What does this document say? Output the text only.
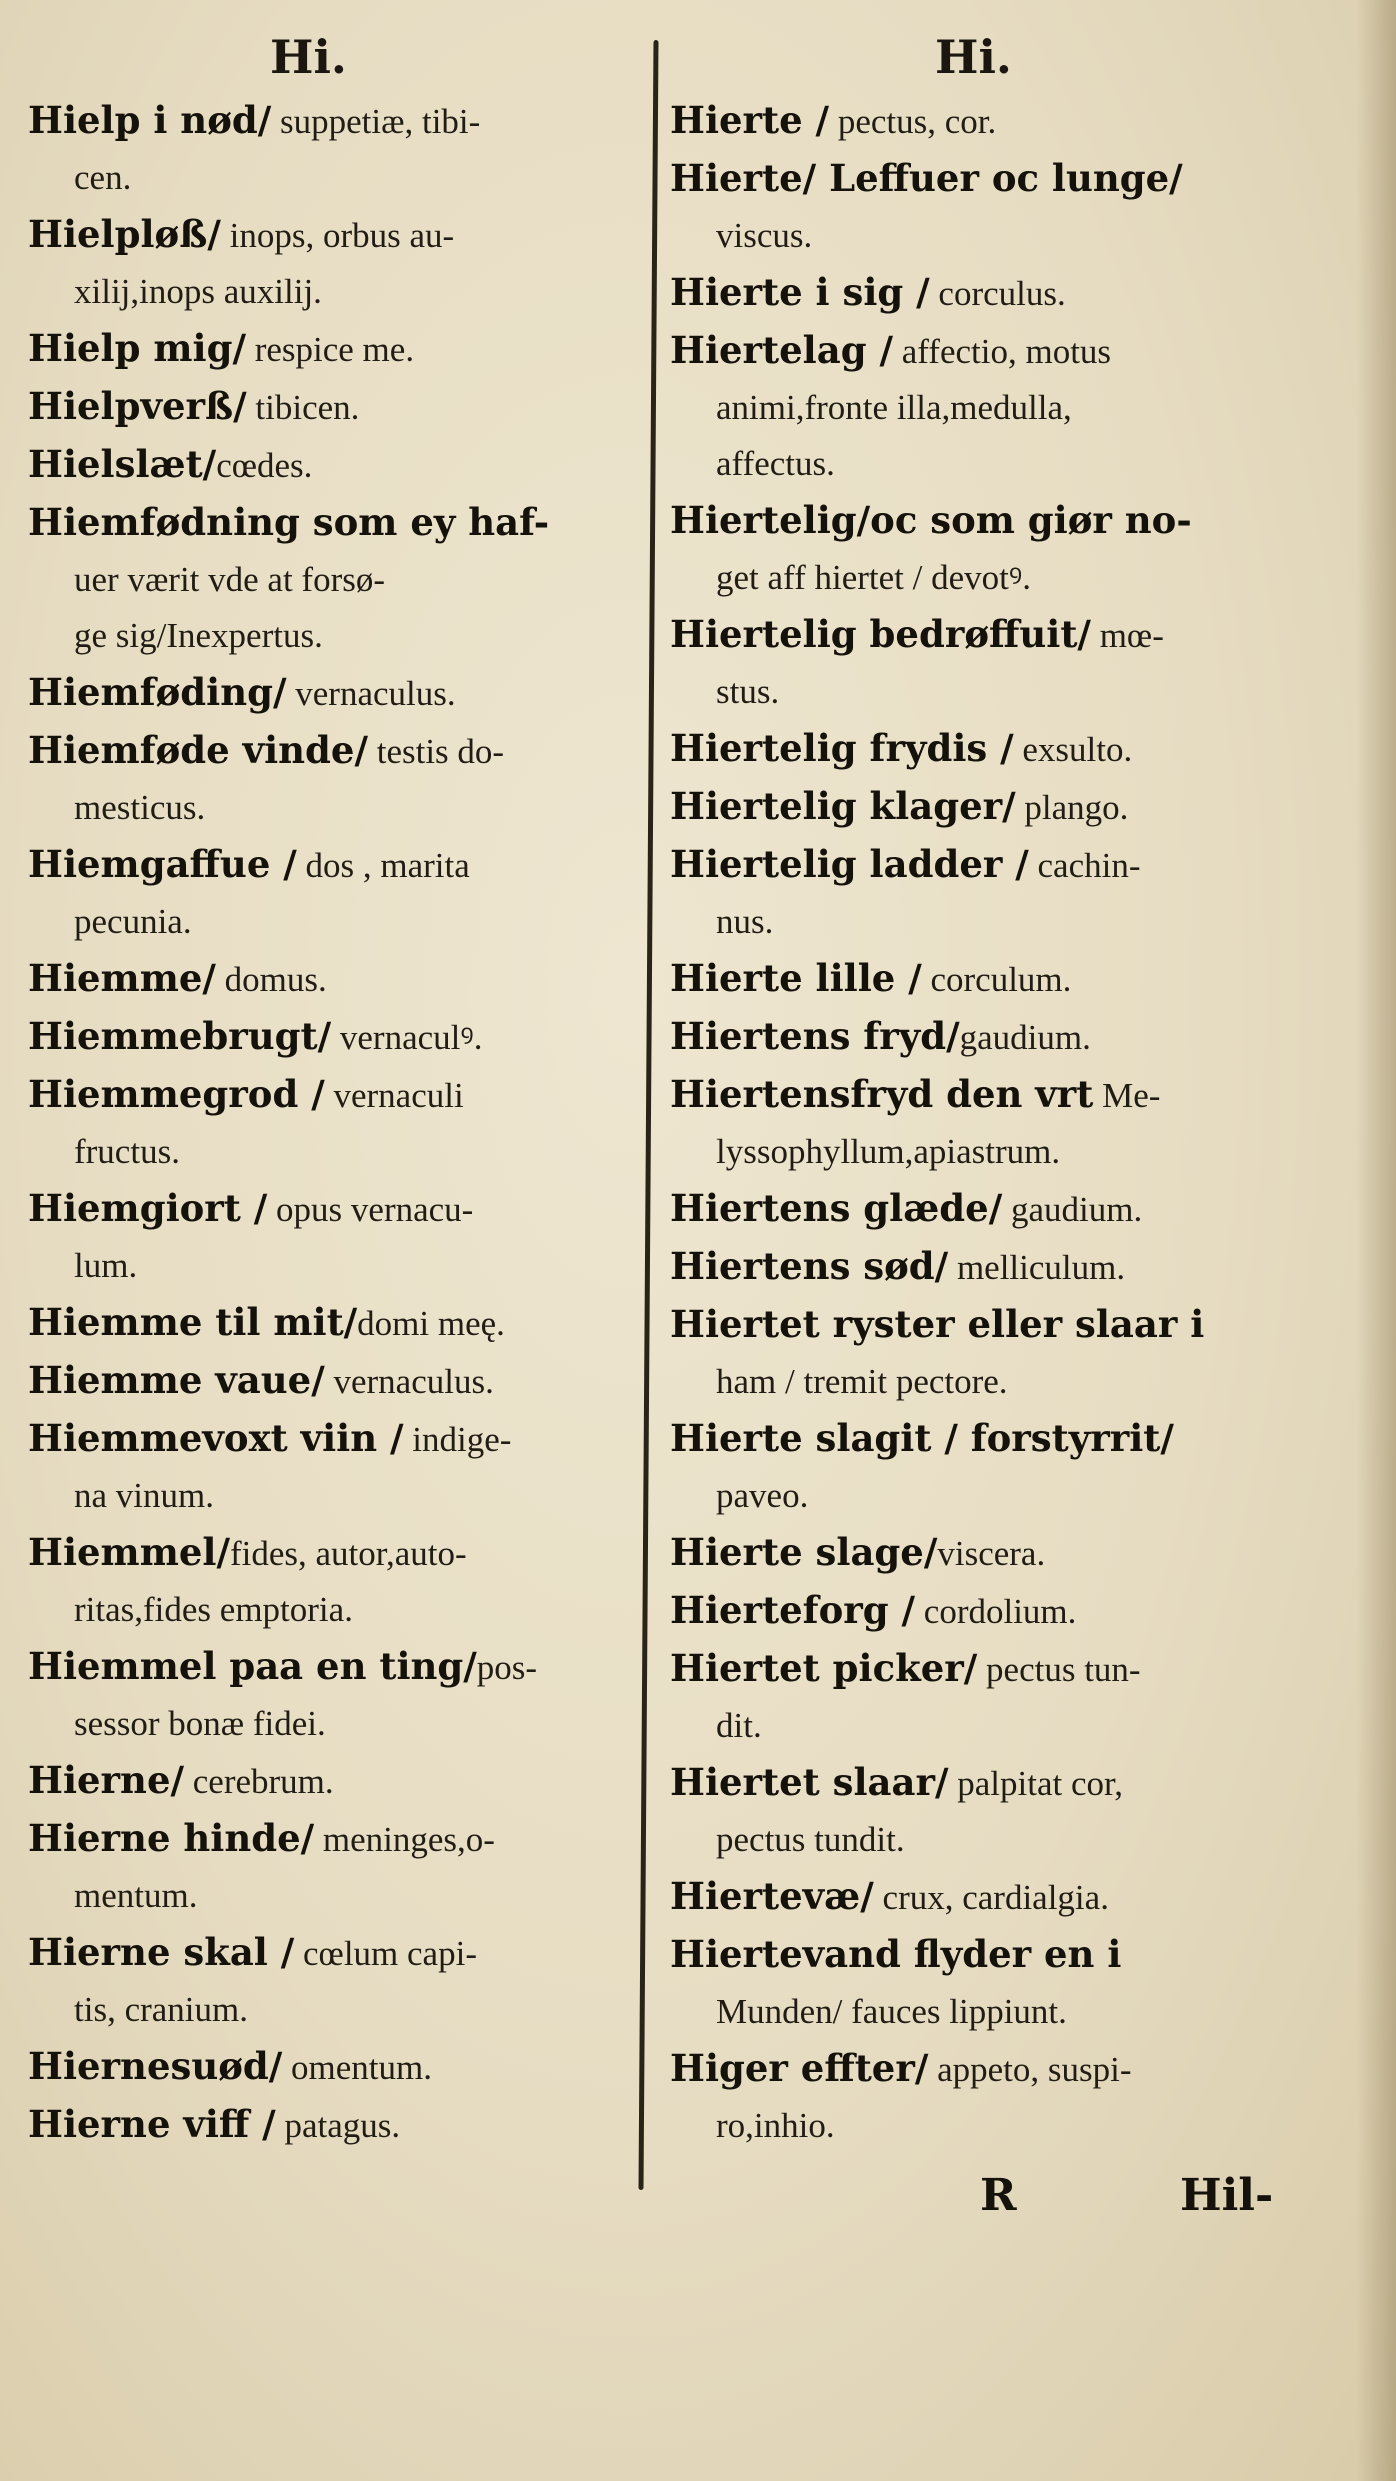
Hi.	Hi.

Hielp i nød/ suppetiæ, tibi-
cen.

Hielpløß/ inops, orbus au-
xilij,inops auxilij.

Hielp mig/ respice me.

Hielpverß/ tibicen.

Hielslæt/cœdes.

Hiemfødning som ey haf-
uer værit vde at forsø-

ge sig/Inexpertus.

Hiemføding/ vernaculus.

Hiemføde vinde/ testis do-
mesticus.

Hiemgaffue / dos , marita
pecunia.

Hiemme/ domus.

Hiemmebrugt/ vernaculꝰ.

Hiemmegrod / vernaculi
fructus.

Hiemgiort / opus vernacu-
lum.

Hiemme til mit/domi meę.

Hiemme vaue/ vernaculus.

Hiemmevoxt viin / indige-
na vinum.

Hiemmel/fides, autor,auto-
ritas,fides emptoria.

Hiemmel paa en ting/pos-
sessor bonæ fidei.

Hierne/ cerebrum.

Hierne hinde/ meninges,o-
mentum.

Hierne skal / cœlum capi-
tis, cranium.

Hiernesuød/ omentum.

Hierne viff / patagus.

Hierte / pectus, cor.

Hierte/ Leffuer oc lunge/
viscus.

Hierte i sig / corculus.

Hiertelag / affectio, motus
animi,fronte illa,medulla,

affectus.

Hiertelig/oc som giør no-
get aff hiertet / devotꝰ.

Hiertelig bedrøffuit/ mœ-
stus.

Hiertelig frydis / exsulto.

Hiertelig klager/ plango.

Hiertelig ladder / cachin-
nus.

Hierte lille / corculum.

Hiertens fryd/gaudium.

Hiertensfryd den vrt Me-
lyssophyllum,apiastrum.

Hiertens glæde/ gaudium.

Hiertens sød/ melliculum.

Hiertet ryster eller slaar i
ham / tremit pectore.

Hierte slagit / forstyrrit/
paveo.

Hierte slage/viscera.

Hierteforg / cordolium.

Hiertet picker/ pectus tun-
dit.

Hiertet slaar/ palpitat cor,
pectus tundit.

Hiertevæ/ crux, cardialgia.

Hiertevand flyder en i
Munden/ fauces lippiunt.

Higer effter/ appeto, suspi-
ro,inhio.

R	Hil-
